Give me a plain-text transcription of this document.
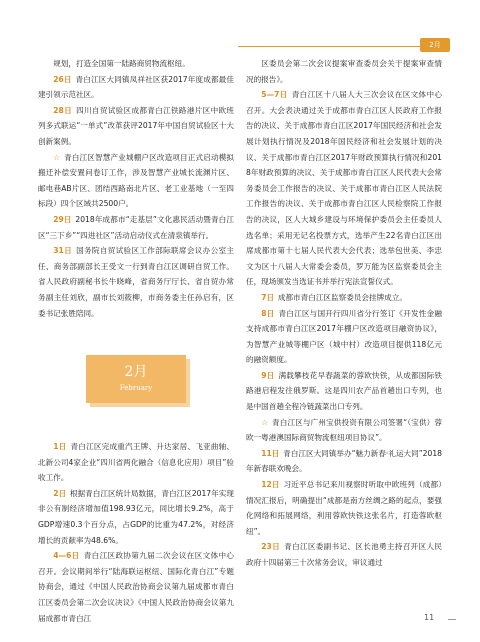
2月

规划，打造全国第一陆路商贸物流枢纽。

26日  青白江区大同镇凤祥社区获2017年度成都最佳建引领示范社区。

28日  四川自贸试验区成都青白江铁路港片区中欧班列多式联运“一单式”改革获评2017年中国自贸试验区十大创新案例。

☆  青白江区智慧产业城棚户区改造项目正式启动模拟搬迁补偿安置问卷订工作，涉及智慧产业城长流渊片区、邮电巷AB片区、团结西路南北片区、老工业基地（一至四标段）四个区域共2500户。

29日  2018年成都市“走基层”文化惠民活动暨青白江区“三下乡”“四进社区”活动启动仪式在清泉镇举行。

31日  国务院自贸试验区工作部际联席会议办公室主任、商务部副部长王受文一行到青白江区调研自贸工作。省人民政府副秘书长牛晓峰，省商务厅厅长、省自贸办常务副主任刘欣，副市长刘筱柳，市商务委主任孙启有，区委书记张胜陪同。

2月
February

1日  青白江区完成重汽王牌、升达家居、飞亚曲轴、北新公司4家企业“四川省两化融合（信息化应用）项目”验收工作。

2日  根据青白江区统计局数据，青白江区2017年实现非公有制经济增加值198.93亿元，同比增长9.2%，高于GDP增速0.3个百分点，占GDP的比重为47.2%，对经济增长的贡献率为48.6%。

4—6日  青白江区政协第九届二次会议在区文体中心召开。会议期间举行“陆海联运枢纽、国际化青白江”专题协商会，通过《中国人民政治协商会议第九届成都市青白江区委员会第二次会议决议》《中国人民政治协商会议第九届成都市青白江

区委员会第二次会议提案审查委员会关于提案审查情况的报告》。

5—7日  青白江区十八届人大三次会议在区文体中心召开。大会表决通过关于成都市青白江区人民政府工作报告的决议、关于成都市青白江区2017年国民经济和社会发展计划执行情况及2018年国民经济和社会发展计划的决议、关于成都市青白江区2017年财政预算执行情况和2018年财政预算的决议、关于成都市青白江区人民代表大会常务委员会工作报告的决议、关于成都市青白江区人民法院工作报告的决议、关于成都市青白江区人民检察院工作报告的决议，区人大城乡建设与环境保护委员会主任委员人选名单；采用无记名投票方式，选举产生22名青白江区出席成都市第十七届人民代表大会代表；选举包世美、李忠文为区十八届人大常委会委员，罗万能为区监察委员会主任，现场颁发当选证书并举行宪法宣誓仪式。

7日  成都市青白江区监察委员会挂牌成立。

8日  青白江区与国开行四川省分行签订《开发性金融支持成都市青白江区2017年棚户区改造项目融资协议》，为智慧产业城等棚户区（城中村）改造项目提供118亿元的融资额度。

9日  满载攀枝花早春蔬菜的蓉欧快铁，从成都国际铁路港启程发往俄罗斯。这是四川农产品首趟出口专列，也是中国首趟全程冷链蔬菜出口专列。

☆  青白江区与广州宝供投资有限公司签署“（宝供）蓉欧一粤港澳国际商贸物流枢纽项目协议”。

11日  青白江区大同镇举办“魅力新春·礼运大同”2018年新春联欢晚会。

12日  习近平总书记来川视察时听取中欧班列（成都）情况汇报后，明确提出“成都是南方丝绸之路的起点，要强化网络和拓展网络，利用蓉欧快铁这张名片，打造蓉欧枢纽”。

23日  青白江区委副书记、区长池勇主持召开区人民政府十四届第三十次常务会议，审议通过

11
